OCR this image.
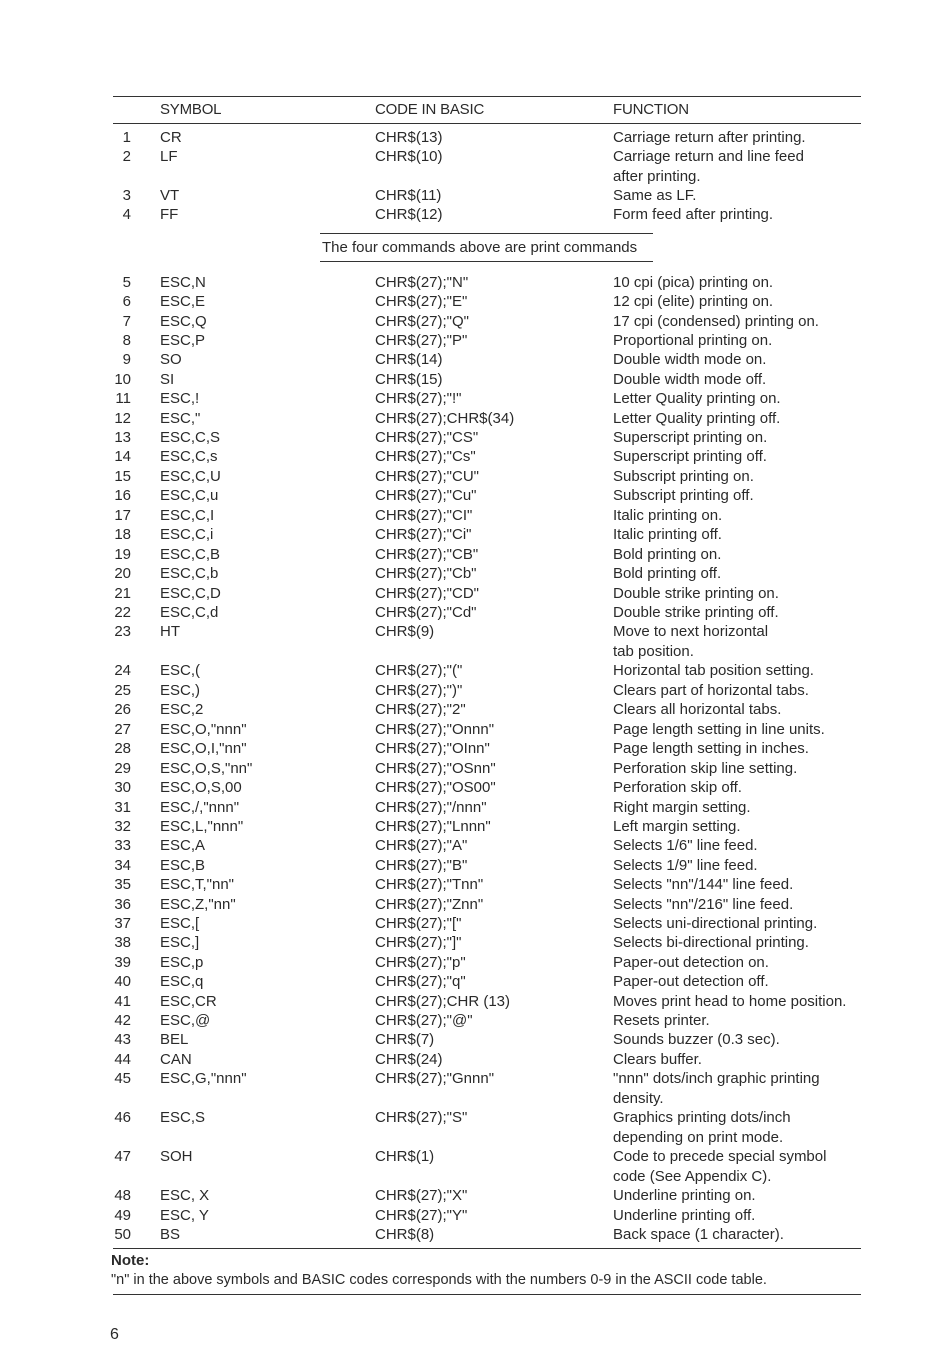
SYMBOL	CODE IN BASIC	FUNCTION
The four commands above are print commands
1 CR	CHR$(13)	Carriage return after printing.
2 LF	CHR$(10)	Carriage return and line feed
after printing.
3 VT	CHR$(11)	Same as LF.
4 FF	CHR$(12)	Form feed after printing.
5 ESC,N	CHR$(27);"N"	10 cpi (pica) printing on.
6 ESC,E	CHR$(27);"E"	12 cpi (elite) printing on.
7 ESC,Q	CHR$(27);"Q"	17 cpi (condensed) printing on.
8 ESC,P	CHR$(27);"P"	Proportional printing on.
9 SO	CHR$(14)	Double width mode on.
10 SI	CHR$(15)	Double width mode off.
11 ESC,!	CHR$(27);"!"	Letter Quality printing on.
12 ESC,"	CHR$(27);CHR$(34)	Letter Quality printing off.
13 ESC,C,S	CHR$(27);"CS"	Superscript printing on.
14 ESC,C,s	CHR$(27);"Cs"	Superscript printing off.
15 ESC,C,U	CHR$(27);"CU"	Subscript printing on.
16 ESC,C,u	CHR$(27);"Cu"	Subscript printing off.
17 ESC,C,I	CHR$(27);"CI"	Italic printing on.
18 ESC,C,i	CHR$(27);"Ci"	Italic printing off.
19 ESC,C,B	CHR$(27);"CB"	Bold printing on.
20 ESC,C,b	CHR$(27);"Cb"	Bold printing off.
21 ESC,C,D	CHR$(27);"CD"	Double strike printing on.
22 ESC,C,d	CHR$(27);"Cd"	Double strike printing off.
23 HT	CHR$(9)	Move to next horizontal
tab position.
24 ESC,(	CHR$(27);"("	Horizontal tab position setting.
25 ESC,)	CHR$(27);")"	Clears part of horizontal tabs.
26 ESC,2	CHR$(27);"2"	Clears all horizontal tabs.
27 ESC,O,"nnn"	CHR$(27);"Onnn"	Page length setting in line units.
28 ESC,O,I,"nn"	CHR$(27);"OInn"	Page length setting in inches.
29 ESC,O,S,"nn"	CHR$(27);"OSnn"	Perforation skip line setting.
30 ESC,O,S,00	CHR$(27);"OS00"	Perforation skip off.
31 ESC,/,"nnn"	CHR$(27);"/nnn"	Right margin setting.
32 ESC,L,"nnn"	CHR$(27);"Lnnn"	Left margin setting.
33 ESC,A	CHR$(27);"A"	Selects 1/6" line feed.
34 ESC,B	CHR$(27);"B"	Selects 1/9" line feed.
35 ESC,T,"nn"	CHR$(27);"Tnn"	Selects "nn"/144" line feed.
36 ESC,Z,"nn"	CHR$(27);"Znn"	Selects "nn"/216" line feed.
37 ESC,[	CHR$(27);"["	Selects uni-directional printing.
38 ESC,]	CHR$(27);"]"	Selects bi-directional printing.
39 ESC,p	CHR$(27);"p"	Paper-out detection on.
40 ESC,q	CHR$(27);"q"	Paper-out detection off.
41 ESC,CR	CHR$(27);CHR (13)	Moves print head to home position.
42 ESC,@	CHR$(27);"@"	Resets printer.
43 BEL	CHR$(7)	Sounds buzzer (0.3 sec).
44 CAN	CHR$(24)	Clears buffer.
45 ESC,G,"nnn"	CHR$(27);"Gnnn"	"nnn" dots/inch graphic printing
density.
46 ESC,S	CHR$(27);"S"	Graphics printing dots/inch
depending on print mode.
47 SOH	CHR$(1)	Code to precede special symbol
code (See Appendix C).
48 ESC, X	CHR$(27);"X"	Underline printing on.
49 ESC, Y	CHR$(27);"Y"	Underline printing off.
50 BS	CHR$(8)	Back space (1 character).
Note:
"n" in the above symbols and BASIC codes corresponds with the numbers 0-9 in the ASCII code table.
6
